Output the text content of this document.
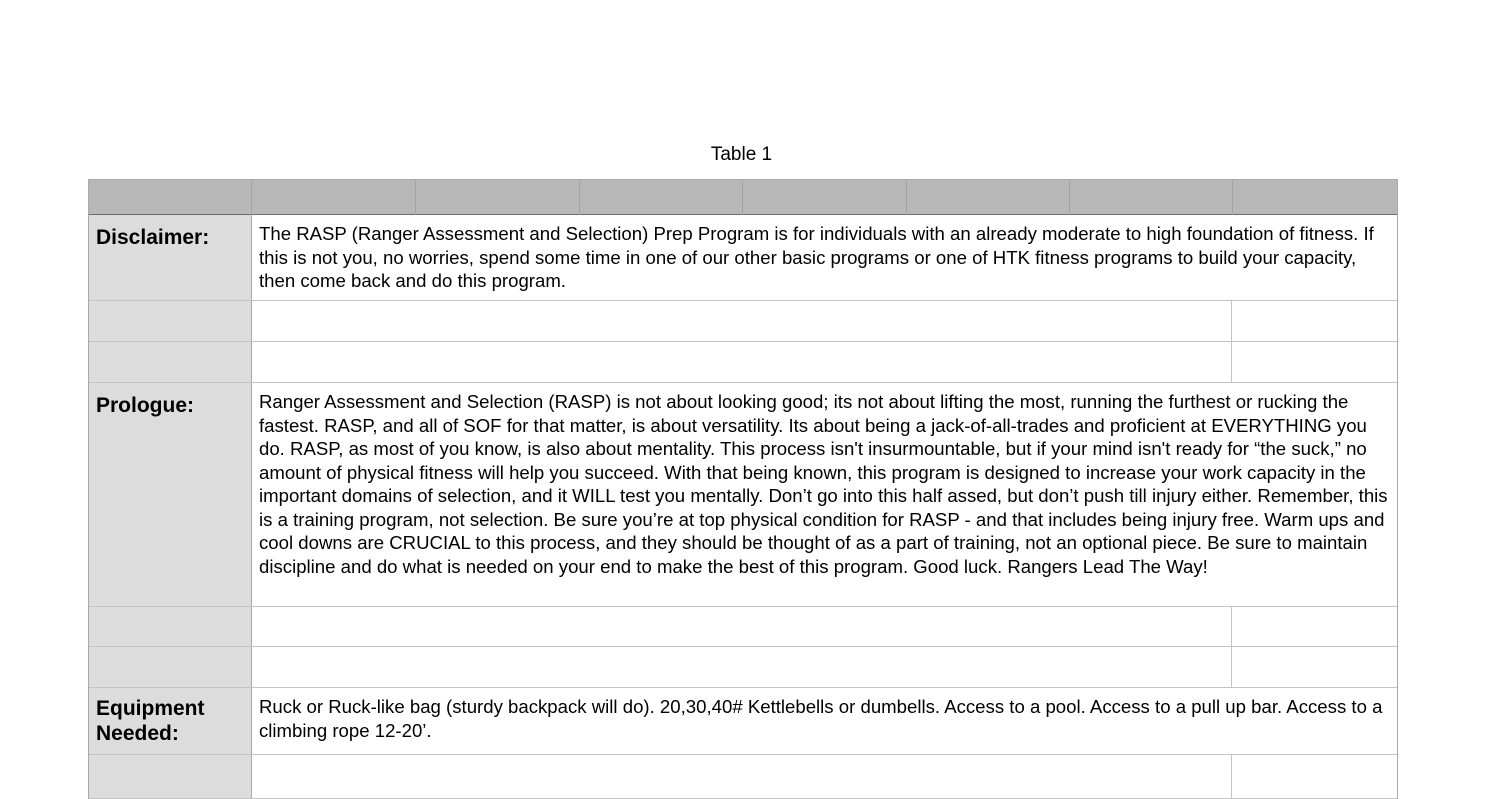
Table 1
Disclaimer:	The RASP (Ranger Assessment and Selection) Prep Program is for individuals with an already moderate to high foundation of fitness. If this is not you, no worries, spend some time in one of our other basic programs or one of HTK fitness programs to build your capacity, then come back and do this program.
Prologue:	Ranger Assessment and Selection (RASP) is not about looking good; its not about lifting the most, running the furthest or rucking the fastest. RASP, and all of SOF for that matter, is about versatility. Its about being a jack-of-all-trades and proficient at EVERYTHING you do. RASP, as most of you know, is also about mentality. This process isn't insurmountable, but if your mind isn't ready for “the suck,” no amount of physical fitness will help you succeed. With that being known, this program is designed to increase your work capacity in the important domains of selection, and it WILL test you mentally. Don’t go into this half assed, but don’t push till injury either. Remember, this is a training program, not selection. Be sure you’re at top physical condition for RASP - and that includes being injury free. Warm ups and cool downs are CRUCIAL to this process, and they should be thought of as a part of training, not an optional piece. Be sure to maintain discipline and do what is needed on your end to make the best of this program. Good luck. Rangers Lead The Way!
Equipment Needed:
Ruck or Ruck-like bag (sturdy backpack will do). 20,30,40# Kettlebells or dumbells. Access to a pool. Access to a pull up bar. Access to a climbing rope 12-20’.
